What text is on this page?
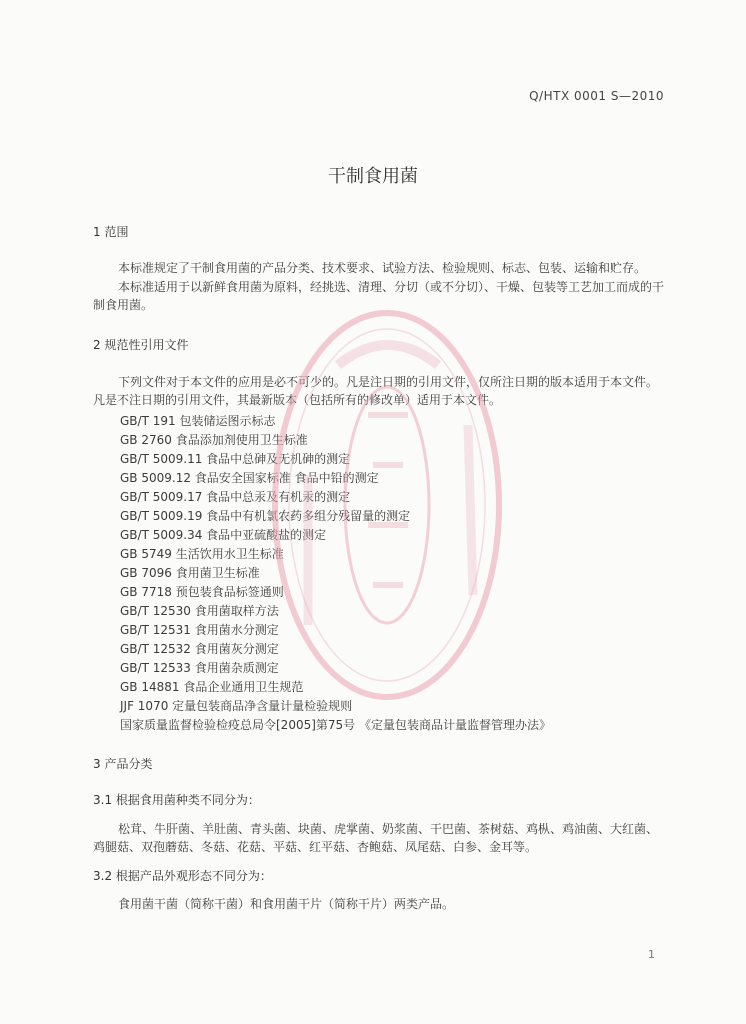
Q/HTX 0001 S—2010
干制食用菌
1 范围
本标准规定了干制食用菌的产品分类、技术要求、试验方法、检验规则、标志、包装、运输和贮存。
本标准适用于以新鲜食用菌为原料，经挑选、清理、分切（或不分切）、干燥、包装等工艺加工而成的干制食用菌。
2 规范性引用文件
下列文件对于本文件的应用是必不可少的。凡是注日期的引用文件，仅所注日期的版本适用于本文件。凡是不注日期的引用文件，其最新版本（包括所有的修改单）适用于本文件。
GB/T 191 包装储运图示标志
GB 2760 食品添加剂使用卫生标准
GB/T 5009.11 食品中总砷及无机砷的测定
GB 5009.12 食品安全国家标准 食品中铅的测定
GB/T 5009.17 食品中总汞及有机汞的测定
GB/T 5009.19 食品中有机氯农药多组分残留量的测定
GB/T 5009.34 食品中亚硫酸盐的测定
GB 5749 生活饮用水卫生标准
GB 7096 食用菌卫生标准
GB 7718 预包装食品标签通则
GB/T 12530 食用菌取样方法
GB/T 12531 食用菌水分测定
GB/T 12532 食用菌灰分测定
GB/T 12533 食用菌杂质测定
GB 14881 食品企业通用卫生规范
JJF 1070 定量包装商品净含量计量检验规则
国家质量监督检验检疫总局令[2005]第75号 《定量包装商品计量监督管理办法》
3 产品分类
3.1 根据食用菌种类不同分为：
松茸、牛肝菌、羊肚菌、青头菌、块菌、虎掌菌、奶浆菌、干巴菌、茶树菇、鸡枞、鸡油菌、大红菌、鸡腿菇、双孢蘑菇、冬菇、花菇、平菇、红平菇、杏鲍菇、凤尾菇、白参、金耳等。
3.2 根据产品外观形态不同分为：
食用菌干菌（简称干菌）和食用菌干片（简称干片）两类产品。
1
